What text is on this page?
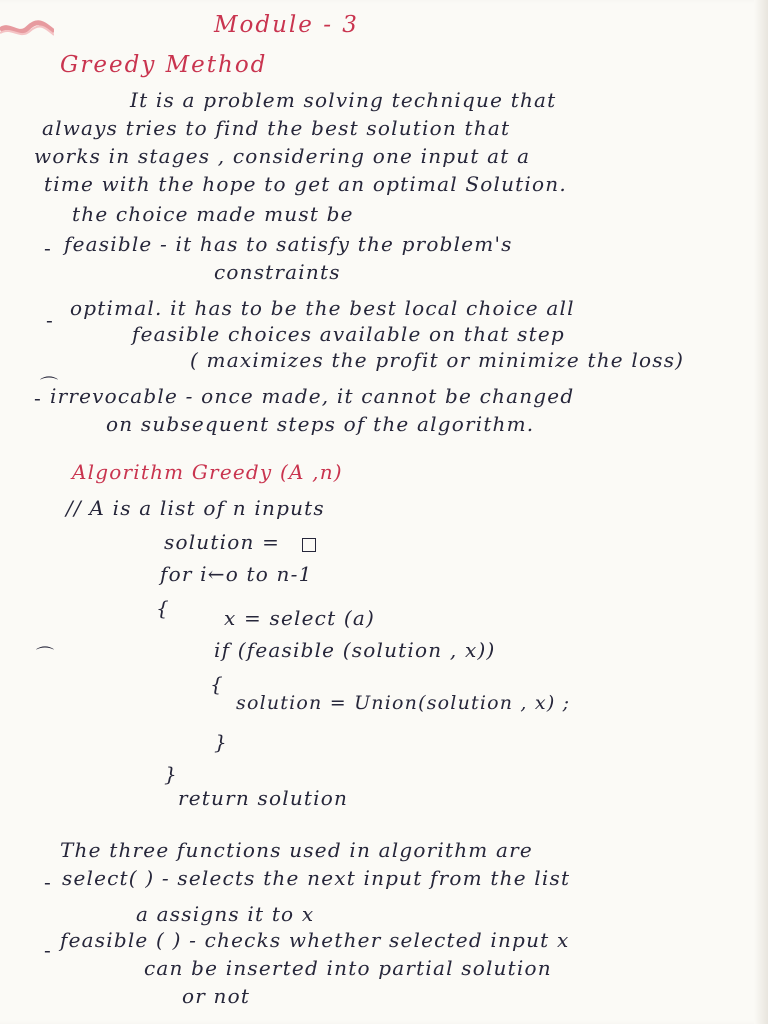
Module - 3
Greedy Method
It is a problem solving technique that
always tries to find the best solution that
works in stages , considering one input at a
time with the hope to get an optimal Solution.
the choice made must be
- feasible - it has to satisfy the problem's
constraints
- optimal. it has to be the best local choice all
feasible choices available on that step
( maximizes the profit or minimize the loss)
- irrevocable - once made, it cannot be changed
on subsequent steps of the algorithm.
Algorithm Greedy (A ,n)
// A is a list of n inputs
solution =
for i←o to n-1
{	x = select (a)
if (feasible (solution , x))
{
solution = Union(solution , x) ;
}
}
return solution
⌒
⌒
The three functions used in algorithm are
- select( ) - selects the next input from the list
a assigns it to x
- feasible ( ) - checks whether selected input x
can be inserted into partial solution
or not
